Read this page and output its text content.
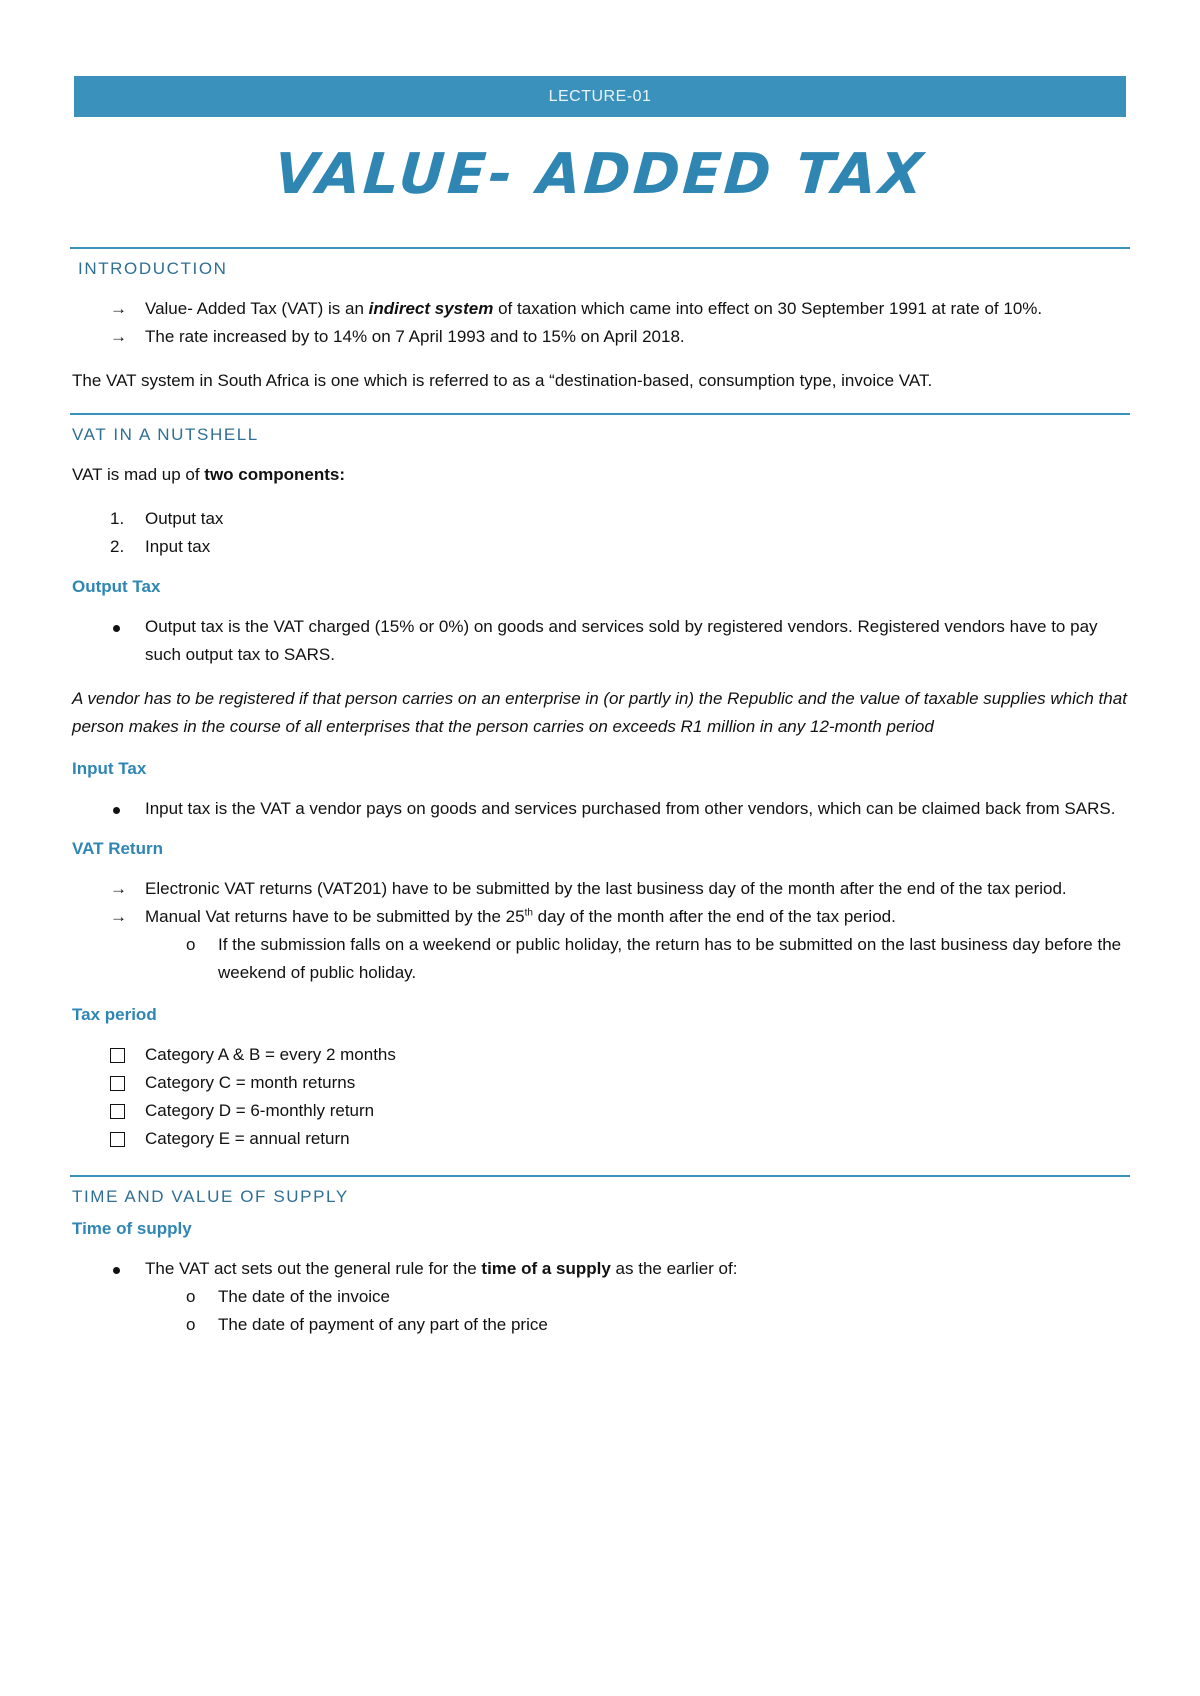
LECTURE-01
VALUE- ADDED TAX
INTRODUCTION
→	Value- Added Tax (VAT) is an indirect system of taxation which came into effect on 30 September 1991 at rate of 10%.
→	The rate increased by to 14% on 7 April 1993 and to 15% on April 2018.

The VAT system in South Africa is one which is referred to as a “destination-based, consumption type, invoice VAT.

VAT IN A NUTSHELL

VAT is mad up of two components:

1.	Output tax
2.	Input tax
Output Tax
Output tax is the VAT charged (15% or 0%) on goods and services sold by registered vendors. Registered vendors have to pay such output tax to SARS.

A vendor has to be registered if that person carries on an enterprise in (or partly in) the Republic and the value of taxable supplies which that person makes in the course of all enterprises that the person carries on exceeds R1 million in any 12-month period

Input Tax
Input tax is the VAT a vendor pays on goods and services purchased from other vendors, which can be claimed back from SARS.
VAT Return
→	Electronic VAT returns (VAT201) have to be submitted by the last business day of the month after the end of the tax period.
→	Manual Vat returns have to be submitted by the 25th day of the month after the end of the tax period.
o	If the submission falls on a weekend or public holiday, the return has to be submitted on the last business day before the weekend of public holiday.
Tax period
Category A & B = every 2 months
Category C = month returns
Category D = 6-monthly return
Category E = annual return
TIME AND VALUE OF SUPPLY
Time of supply
The VAT act sets out the general rule for the time of a supply as the earlier of:
o	The date of the invoice
o	The date of payment of any part of the price
